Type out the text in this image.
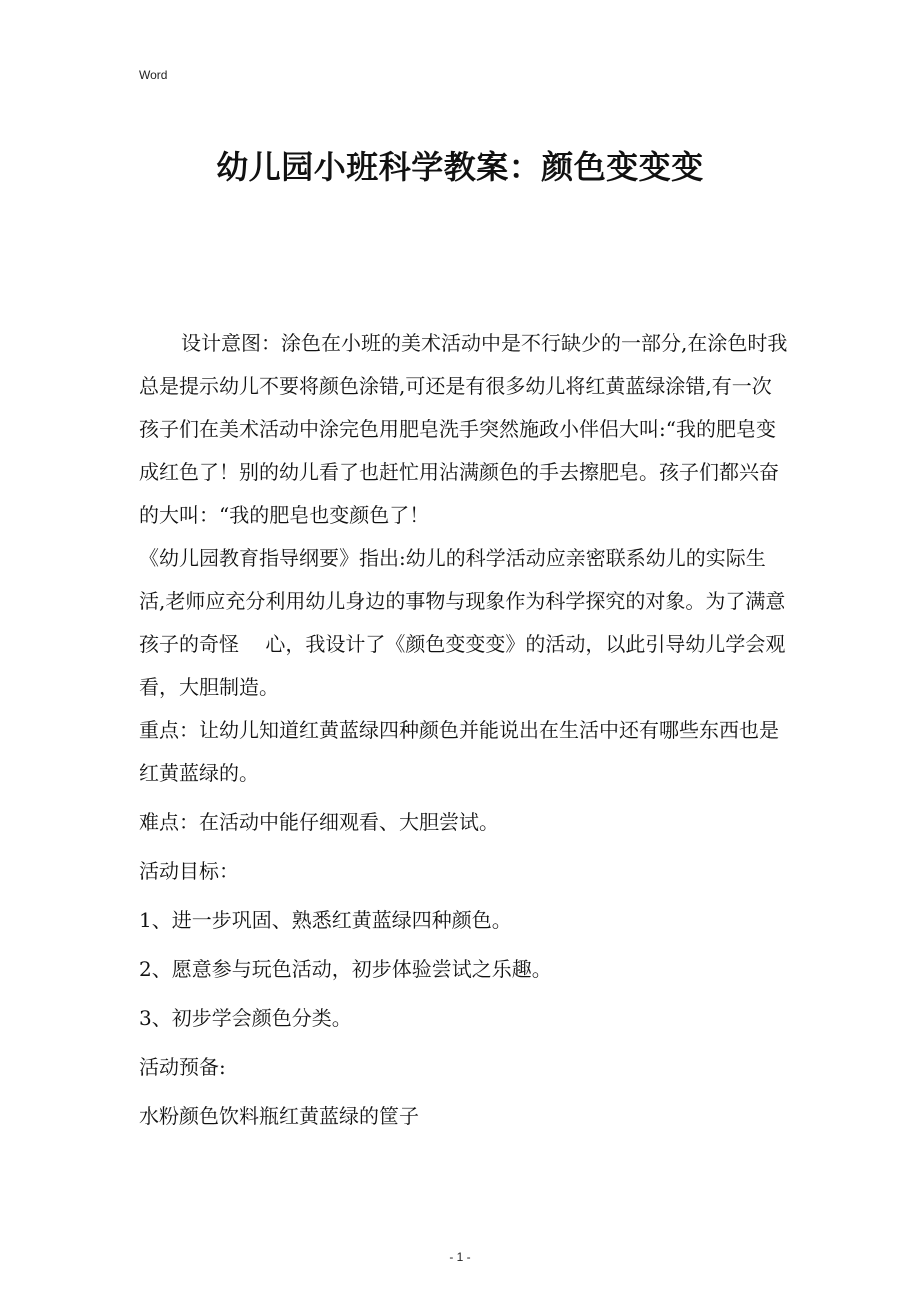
Word
幼儿园小班科学教案：颜色变变变

设计意图：涂色在小班的美术活动中是不行缺少的一部分,在涂色时我总是提示幼儿不要将颜色涂错,可还是有很多幼儿将红黄蓝绿涂错,有一次孩子们在美术活动中涂完色用肥皂洗手突然施政小伴侣大叫:“我的肥皂变成红色了！别的幼儿看了也赶忙用沾满颜色的手去擦肥皂。孩子们都兴奋的大叫：“我的肥皂也变颜色了！

《幼儿园教育指导纲要》指出:幼儿的科学活动应亲密联系幼儿的实际生活,老师应充分利用幼儿身边的事物与现象作为科学探究的对象。为了满意孩子的奇怪　 心，我设计了《颜色变变变》的活动，以此引导幼儿学会观看，大胆制造。

重点：让幼儿知道红黄蓝绿四种颜色并能说出在生活中还有哪些东西也是红黄蓝绿的。

难点：在活动中能仔细观看、大胆尝试。

活动目标：

1、进一步巩固、熟悉红黄蓝绿四种颜色。

2、愿意参与玩色活动，初步体验尝试之乐趣。

3、初步学会颜色分类。

活动预备:

水粉颜色饮料瓶红黄蓝绿的筐子

- 1 -
